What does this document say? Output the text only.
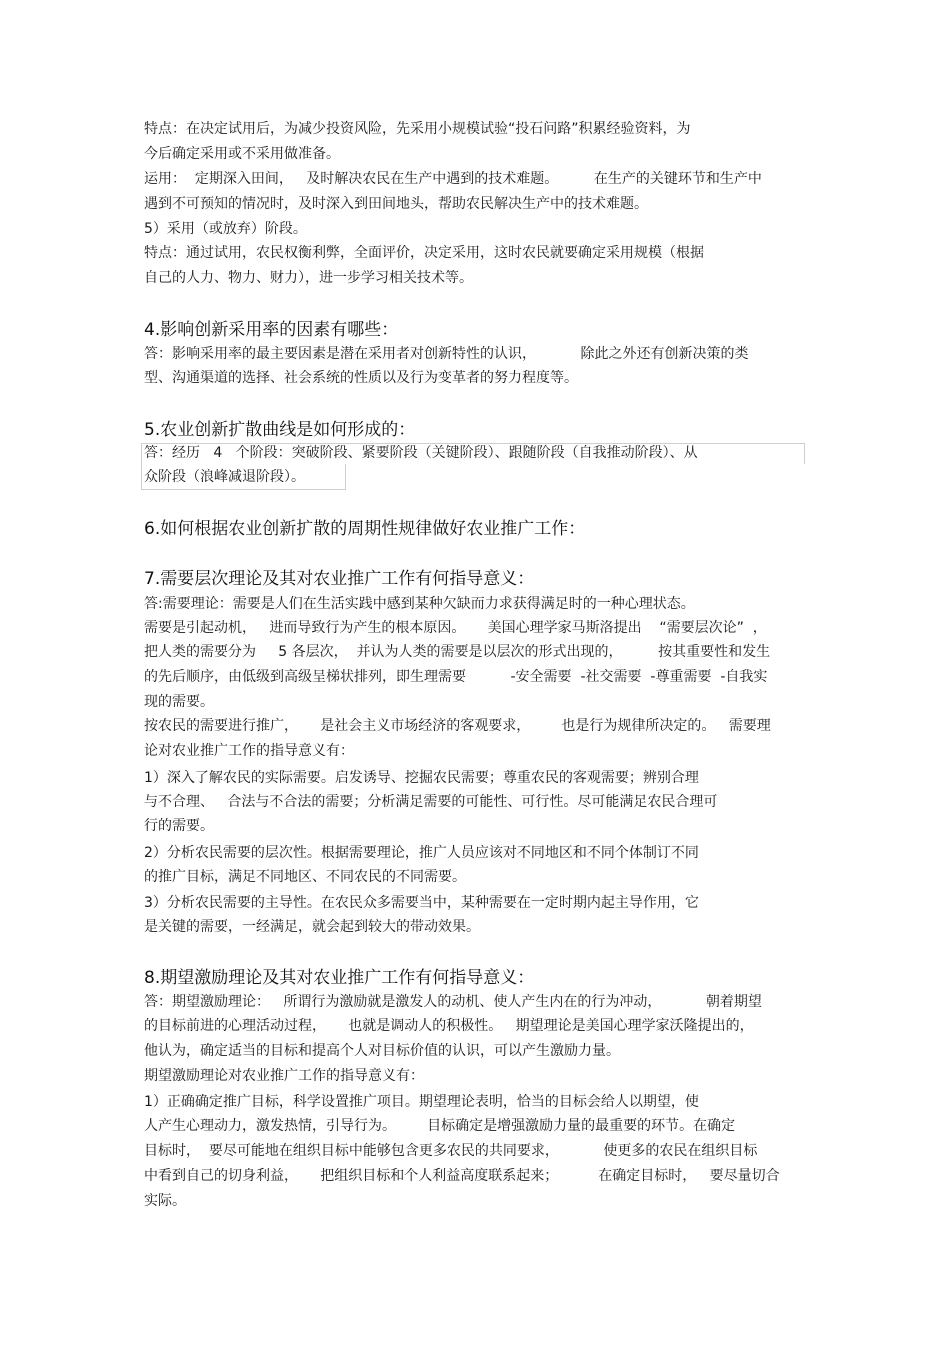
特点：在决定试用后，为减少投资风险，先采用小规模试验“投石问路”积累经验资料，为

今后确定采用或不采用做准备。

运用：  定期深入田间，   及时解决农民在生产中遇到的技术难题。        在生产的关键环节和生产中

遇到不可预知的情况时，及时深入到田间地头，帮助农民解决生产中的技术难题。

5）采用（或放弃）阶段。

特点：通过试用，农民权衡利弊，全面评价，决定采用，这时农民就要确定采用规模（根据

自己的人力、物力、财力），进一步学习相关技术等。

4.影响创新采用率的因素有哪些：

答：影响采用率的最主要因素是潜在采用者对创新特性的认识，          除此之外还有创新决策的类

型、沟通渠道的选择、社会系统的性质以及行为变革者的努力程度等。

5.农业创新扩散曲线是如何形成的：

答：经历   4   个阶段：突破阶段、紧要阶段（关键阶段）、跟随阶段（自我推动阶段）、从

众阶段（浪峰减退阶段）。

6.如何根据农业创新扩散的周期性规律做好农业推广工作：
7.需要层次理论及其对农业推广工作有何指导意义：

答:需要理论：需要是人们在生活实践中感到某种欠缺而力求获得满足时的一种心理状态。

需要是引起动机，   进而导致行为产生的根本原因。     美国心理学家马斯洛提出    “需要层次论”  ，

把人类的需要分为     5 各层次，  并认为人类的需要是以层次的形式出现的，        按其重要性和发生

的先后顺序，由低级到高级呈梯状排列，即生理需要          -安全需要  -社交需要  -尊重需要  -自我实

现的需要。

按农民的需要进行推广，     是社会主义市场经济的客观要求，       也是行为规律所决定的。   需要理

论对农业推广工作的指导意义有：

1）深入了解农民的实际需要。启发诱导、挖掘农民需要；尊重农民的客观需要；辨别合理

与不合理、   合法与不合法的需要；分析满足需要的可能性、可行性。尽可能满足农民合理可

行的需要。

2）分析农民需要的层次性。根据需要理论，推广人员应该对不同地区和不同个体制订不同

的推广目标，满足不同地区、不同农民的不同需要。

3）分析农民需要的主导性。在农民众多需要当中，某种需要在一定时期内起主导作用，它

是关键的需要，一经满足，就会起到较大的带动效果。

8.期望激励理论及其对农业推广工作有何指导意义：

答：期望激励理论：   所谓行为激励就是激发人的动机、使人产生内在的行为冲动，          朝着期望

的目标前进的心理活动过程，     也就是调动人的积极性。   期望理论是美国心理学家沃隆提出的，

他认为，确定适当的目标和提高个人对目标价值的认识，可以产生激励力量。

期望激励理论对农业推广工作的指导意义有：

1）正确确定推广目标，科学设置推广项目。期望理论表明，恰当的目标会给人以期望，使

人产生心理动力，激发热情，引导行为。       目标确定是增强激励力量的最重要的环节。在确定

目标时，  要尽可能地在组织目标中能够包含更多农民的共同要求，          使更多的农民在组织目标

中看到自己的切身利益，     把组织目标和个人利益高度联系起来；         在确定目标时，   要尽量切合

实际。
